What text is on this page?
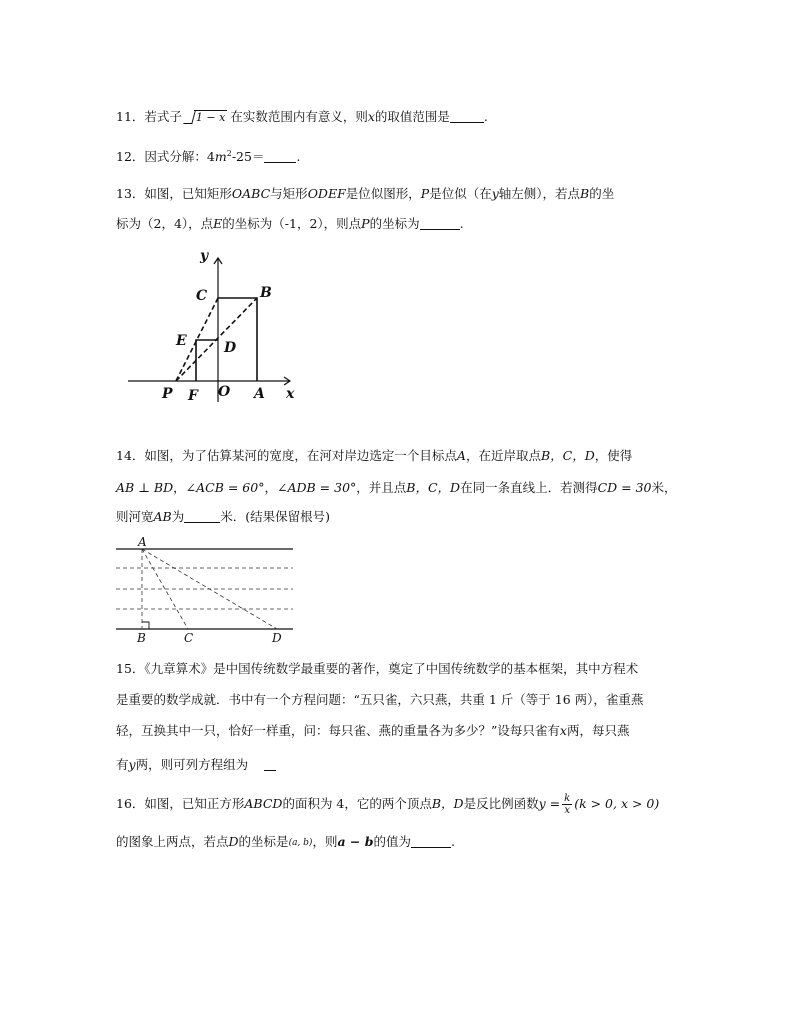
11．若式子 1 − x 在实数范围内有意义，则x的取值范围是	.
12．因式分解：$4m^2-25=$	.
13．如图，已知矩形OABC与矩形ODEF是位似图形，P是位似（在y轴左侧），若点B的坐
标为（2，4），点E的坐标为（-1，2），则点P的坐标为	.
y
C	B
E	D
P F O A x
14．如图，为了估算某河的宽度，在河对岸边选定一个目标点A，在近岸取点B，C，D，使得
AB ⊥ BD，∠ACB = 60°，∠ADB = 30°，并且点B，C，D在同一条直线上．若测得CD = 30米，
则河宽AB为	米．(结果保留根号)
A
B	C	D
15．《九章算术》是中国传统数学最重要的著作，奠定了中国传统数学的基本框架，其中方程术
是重要的数学成就．书中有一个方程问题：“五只雀，六只燕，共重 1 斤（等于 16 两），雀重燕
轻，互换其中一只，恰好一样重，问：每只雀、燕的重量各为多少？”设每只雀有x两，每只燕
有y两，则可列方程组为
16．如图，已知正方形ABCD的面积为 4，它的两个顶点B，D是反比例函数$y = \frac{k}{x} (k > 0$, x > 0)
的图象上两点，若点D的坐标是(a, b)，则a − b的值为	.
